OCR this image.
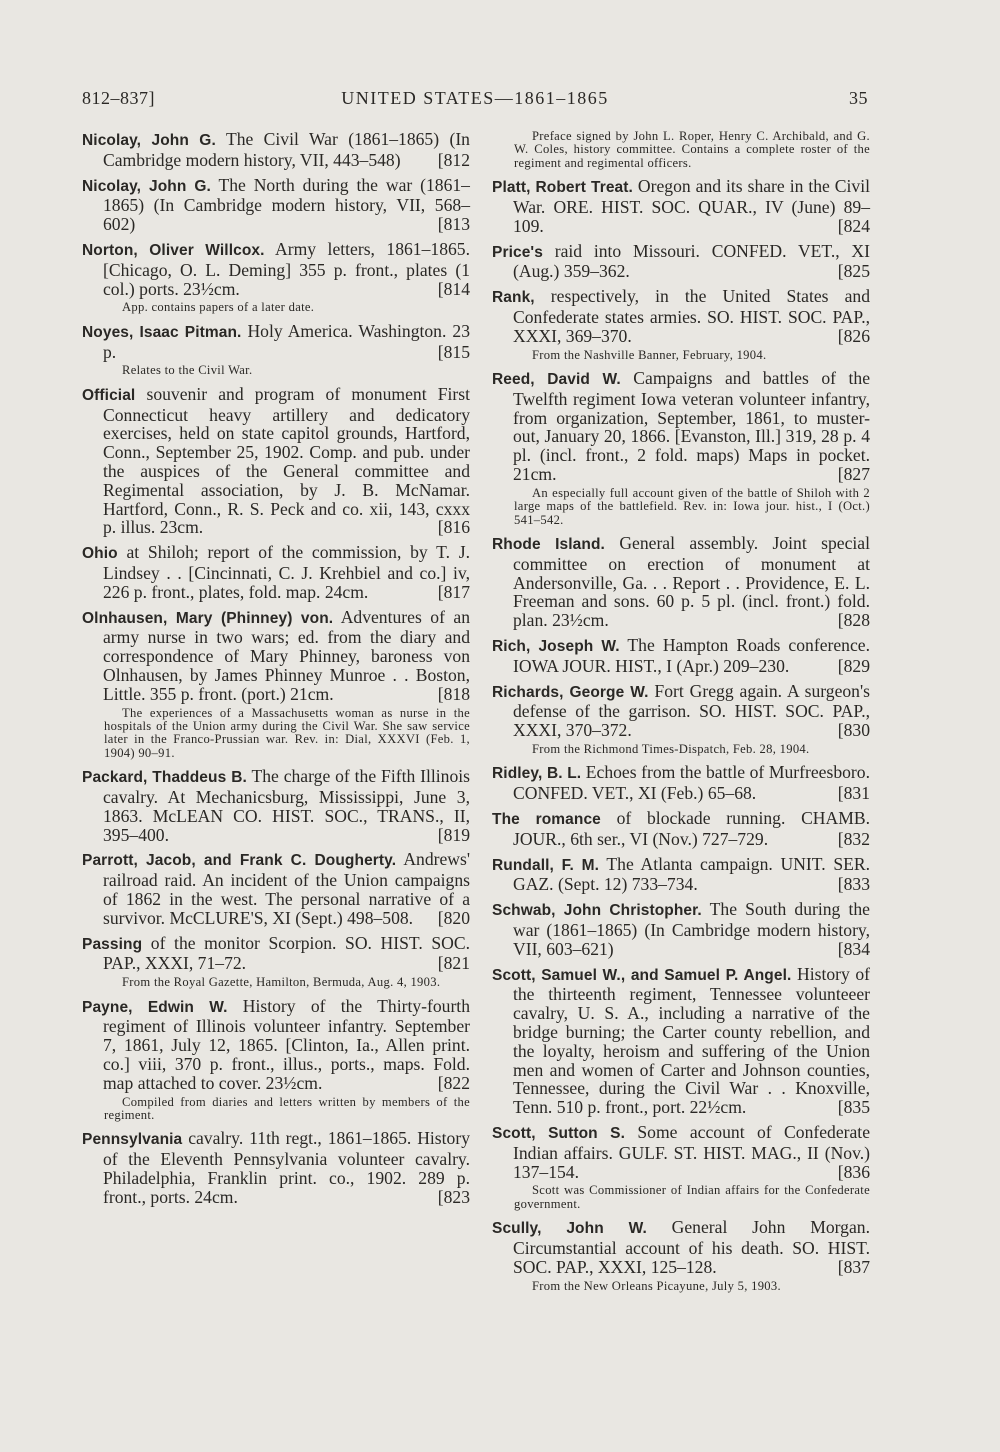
812–837]	UNITED STATES—1861–1865	35
Nicolay, John G. The Civil War (1861–1865) (In Cambridge modern history, VII, 443–548) [812
Nicolay, John G. The North during the war (1861–1865) (In Cambridge modern history, VII, 568–602)	[813
Norton, Oliver Willcox. Army letters, 1861–1865. [Chicago, O. L. Deming] 355 p. front., plates (1 col.) ports. 23½cm.	[814
App. contains papers of a later date.
Noyes, Isaac Pitman. Holy America. Washington. 23 p.	[815
Relates to the Civil War.
Official souvenir and program of monument First Connecticut heavy artillery and dedicatory exercises, held on state capitol grounds, Hartford, Conn., September 25, 1902. Comp. and pub. under the auspices of the General committee and Regimental association, by J. B. McNamar. Hartford, Conn., R. S. Peck and co. xii, 143, cxxx p. illus. 23cm.	[816
Ohio at Shiloh; report of the commission, by T. J. Lindsey . . [Cincinnati, C. J. Krehbiel and co.] iv, 226 p. front., plates, fold. map. 24cm.	[817
Olnhausen, Mary (Phinney) von. Adventures of an army nurse in two wars; ed. from the diary and correspondence of Mary Phinney, baroness von Olnhausen, by James Phinney Munroe . . Boston, Little. 355 p. front. (port.) 21cm.	[818
The experiences of a Massachusetts woman as nurse in the hospitals of the Union army during the Civil War. She saw service later in the Franco-Prussian war. Rev. in: Dial, XXXVI (Feb. 1, 1904) 90–91.
Packard, Thaddeus B. The charge of the Fifth Illinois cavalry. At Mechanicsburg, Mississippi, June 3, 1863. McLEAN CO. HIST. SOC., TRANS., II, 395–400.	[819
Parrott, Jacob, and Frank C. Dougherty. Andrews' railroad raid. An incident of the Union campaigns of 1862 in the west. The personal narrative of a survivor. McCLURE'S, XI (Sept.) 498–508. [820
Passing of the monitor Scorpion. SO. HIST. SOC. PAP., XXXI, 71–72.	[821
From the Royal Gazette, Hamilton, Bermuda, Aug. 4, 1903.
Payne, Edwin W. History of the Thirty-fourth regiment of Illinois volunteer infantry. September 7, 1861, July 12, 1865. [Clinton, Ia., Allen print. co.] viii, 370 p. front., illus., ports., maps. Fold. map attached to cover. 23½cm.	[822
Compiled from diaries and letters written by members of the regiment.
Pennsylvania cavalry. 11th regt., 1861–1865. History of the Eleventh Pennsylvania volunteer cavalry. Philadelphia, Franklin print. co., 1902. 289 p. front., ports. 24cm.	[823
Preface signed by John L. Roper, Henry C. Archibald, and G. W. Coles, history committee. Contains a complete roster of the regiment and regimental officers.
Platt, Robert Treat. Oregon and its share in the Civil War. ORE. HIST. SOC. QUAR., IV (June) 89–109.	[824
Price's raid into Missouri. CONFED. VET., XI (Aug.) 359–362.	[825
Rank, respectively, in the United States and Confederate states armies. SO. HIST. SOC. PAP., XXXI, 369–370.	[826
From the Nashville Banner, February, 1904.
Reed, David W. Campaigns and battles of the Twelfth regiment Iowa veteran volunteer infantry, from organization, September, 1861, to muster-out, January 20, 1866. [Evanston, Ill.] 319, 28 p. 4 pl. (incl. front., 2 fold. maps) Maps in pocket. 21cm.	[827
An especially full account given of the battle of Shiloh with 2 large maps of the battlefield. Rev. in: Iowa jour. hist., I (Oct.) 541–542.
Rhode Island. General assembly. Joint special committee on erection of monument at Andersonville, Ga. . . Report . . Providence, E. L. Freeman and sons. 60 p. 5 pl. (incl. front.) fold. plan. 23½cm.	[828
Rich, Joseph W. The Hampton Roads conference. IOWA JOUR. HIST., I (Apr.) 209–230.	[829
Richards, George W. Fort Gregg again. A surgeon's defense of the garrison. SO. HIST. SOC. PAP., XXXI, 370–372.	[830
From the Richmond Times-Dispatch, Feb. 28, 1904.
Ridley, B. L. Echoes from the battle of Murfreesboro. CONFED. VET., XI (Feb.) 65–68.	[831
The romance of blockade running. CHAMB. JOUR., 6th ser., VI (Nov.) 727–729.	[832
Rundall, F. M. The Atlanta campaign. UNIT. SER. GAZ. (Sept. 12) 733–734.	[833
Schwab, John Christopher. The South during the war (1861–1865) (In Cambridge modern history, VII, 603–621)	[834
Scott, Samuel W., and Samuel P. Angel. History of the thirteenth regiment, Tennessee volunteeer cavalry, U. S. A., including a narrative of the bridge burning; the Carter county rebellion, and the loyalty, heroism and suffering of the Union men and women of Carter and Johnson counties, Tennessee, during the Civil War . . Knoxville, Tenn. 510 p. front., port. 22½cm.	[835
Scott, Sutton S. Some account of Confederate Indian affairs. GULF. ST. HIST. MAG., II (Nov.) 137–154.	[836
Scott was Commissioner of Indian affairs for the Confederate government.
Scully, John W. General John Morgan. Circumstantial account of his death. SO. HIST. SOC. PAP., XXXI, 125–128.	[837
From the New Orleans Picayune, July 5, 1903.
